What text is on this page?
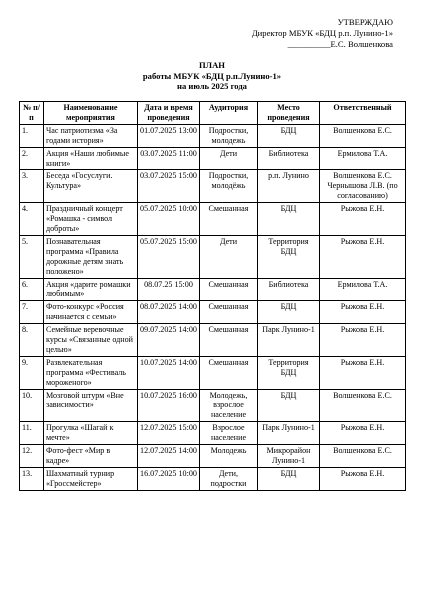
УТВЕРЖДАЮ
Директор МБУК «БДЦ р.п. Лунино-1»
__________Е.С. Волшенкова
ПЛАН
работы МБУК «БДЦ р.п.Лунино-1»
на июль 2025 года
№ п/п	Наименование мероприятия	Дата и время проведения	Аудитория	Место проведения	Ответственный
1.	Час патриотизма «За годами история»	01.07.2025 13:00	Подростки, молодежь	БДЦ	Волшенкова Е.С.
2.	Акция «Наши любимые книги»	03.07.2025 11:00	Дети	Библиотека	Ермилова Т.А.
3.	Беседа «Госуслуги. Культура»	03.07.2025 15:00	Подростки, молодёжь	р.п. Лунино	Волшенкова Е.С. Чернышова Л.В. (по согласованию)
4.	Праздничный концерт «Ромашка - символ доброты»	05.07.2025 10:00	Смешанная	БДЦ	Рыжова Е.Н.
5.	Познавательная программа «Правила дорожные детям знать положено»	05.07.2025 15:00	Дети	Территория БДЦ	Рыжова Е.Н.
6.	Акция «дарите ромашки любимым»	08.07.25 15:00	Смешанная	Библиотека	Ермилова Т.А.
7.	Фото-конкурс «Россия начинается с семьи»	08.07.2025 14:00	Смешанная	БДЦ	Рыжова Е.Н.
8.	Семейные веревочные курсы «Связанные одной целью»	09.07.2025 14:00	Смешанная	Парк Лунино-1	Рыжова Е.Н.
9.	Развлекательная программа «Фестиваль мороженого»	10.07.2025 14:00	Смешанная	Территория БДЦ	Рыжова Е.Н.
10.	Мозговой штурм «Вне зависимости»	10.07.2025 16:00	Молодежь, взрослое население	БДЦ	Волшенкова Е.С.
11.	Прогулка «Шагай к мечте»	12.07.2025 15:00	Взрослое население	Парк Лунино-1	Рыжова Е.Н.
12.	Фото-фест «Мир в кадре»	12.07.2025 14:00	Молодежь	Микрорайон Лунино-1	Волшенкова Е.С.
13.	Шахматный турнир «Гроссмейстер»	16.07.2025 10:00	Дети, подростки	БДЦ	Рыжова Е.Н.
